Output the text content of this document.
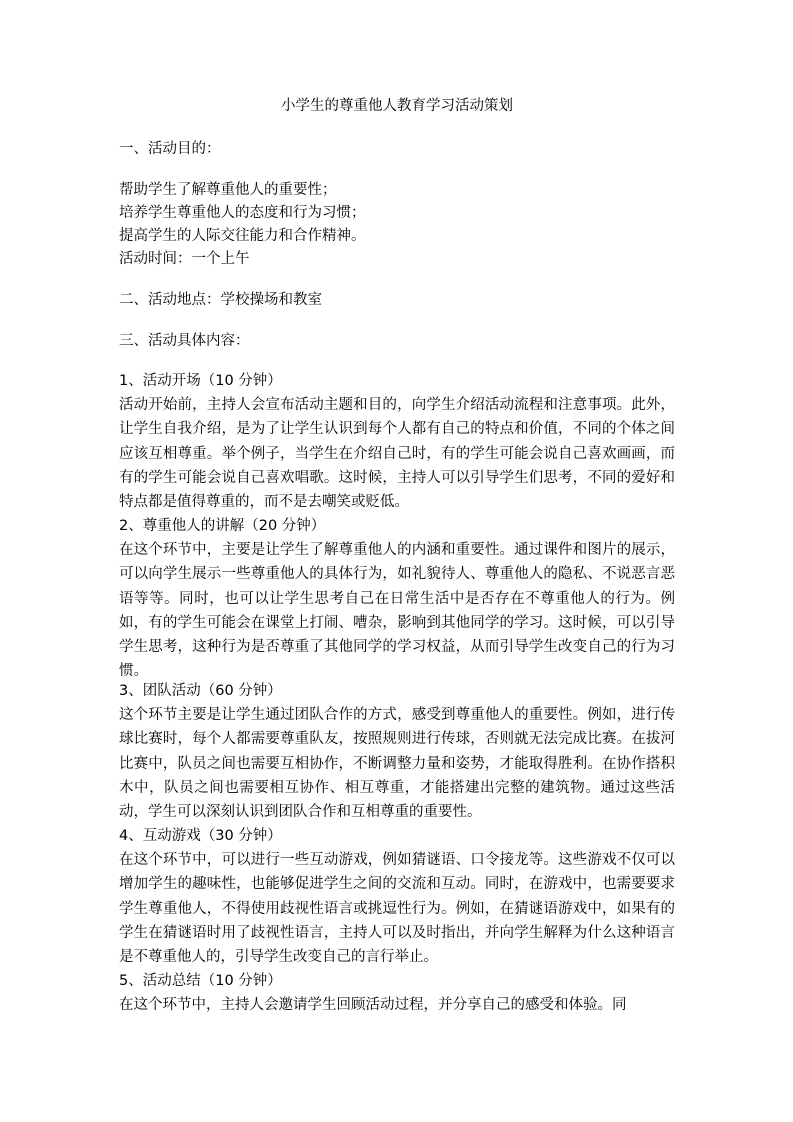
小学生的尊重他人教育学习活动策划
一、活动目的：
帮助学生了解尊重他人的重要性；
培养学生尊重他人的态度和行为习惯；
提高学生的人际交往能力和合作精神。
活动时间：一个上午
二、活动地点：学校操场和教室
三、活动具体内容：
1、活动开场（10 分钟）
活动开始前，主持人会宣布活动主题和目的，向学生介绍活动流程和注意事项。此外，让学生自我介绍，是为了让学生认识到每个人都有自己的特点和价值，不同的个体之间应该互相尊重。举个例子，当学生在介绍自己时，有的学生可能会说自己喜欢画画，而有的学生可能会说自己喜欢唱歌。这时候，主持人可以引导学生们思考，不同的爱好和特点都是值得尊重的，而不是去嘲笑或贬低。
2、尊重他人的讲解（20 分钟）
在这个环节中，主要是让学生了解尊重他人的内涵和重要性。通过课件和图片的展示，可以向学生展示一些尊重他人的具体行为，如礼貌待人、尊重他人的隐私、不说恶言恶语等等。同时，也可以让学生思考自己在日常生活中是否存在不尊重他人的行为。例如，有的学生可能会在课堂上打闹、嘈杂，影响到其他同学的学习。这时候，可以引导学生思考，这种行为是否尊重了其他同学的学习权益，从而引导学生改变自己的行为习惯。
3、团队活动（60 分钟）
这个环节主要是让学生通过团队合作的方式，感受到尊重他人的重要性。例如，进行传球比赛时，每个人都需要尊重队友，按照规则进行传球，否则就无法完成比赛。在拔河比赛中，队员之间也需要互相协作，不断调整力量和姿势，才能取得胜利。在协作搭积木中，队员之间也需要相互协作、相互尊重，才能搭建出完整的建筑物。通过这些活动，学生可以深刻认识到团队合作和互相尊重的重要性。
4、互动游戏（30 分钟）
在这个环节中，可以进行一些互动游戏，例如猜谜语、口令接龙等。这些游戏不仅可以增加学生的趣味性，也能够促进学生之间的交流和互动。同时，在游戏中，也需要要求学生尊重他人，不得使用歧视性语言或挑逗性行为。例如，在猜谜语游戏中，如果有的学生在猜谜语时用了歧视性语言，主持人可以及时指出，并向学生解释为什么这种语言是不尊重他人的，引导学生改变自己的言行举止。
5、活动总结（10 分钟）
在这个环节中，主持人会邀请学生回顾活动过程，并分享自己的感受和体验。同
